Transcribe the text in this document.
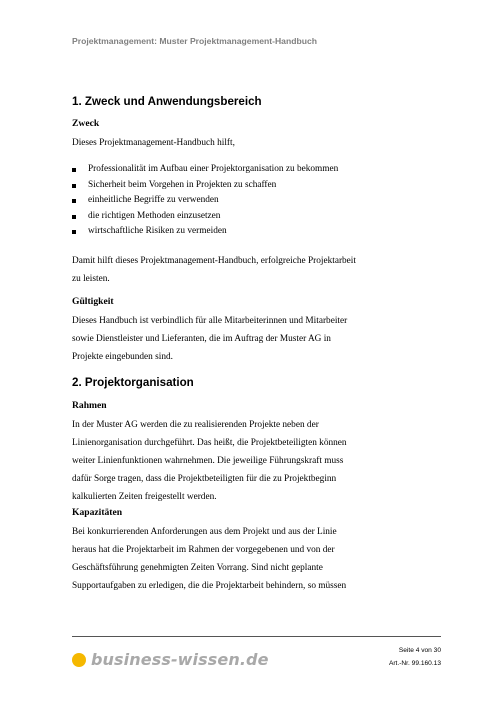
Projektmanagement: Muster Projektmanagement-Handbuch
1. Zweck und Anwendungsbereich
Zweck
Dieses Projektmanagement-Handbuch hilft,
Professionalität im Aufbau einer Projektorganisation zu bekommen
Sicherheit beim Vorgehen in Projekten zu schaffen
einheitliche Begriffe zu verwenden
die richtigen Methoden einzusetzen
wirtschaftliche Risiken zu vermeiden
Damit hilft dieses Projektmanagement-Handbuch, erfolgreiche Projektarbeit
zu leisten.
Gültigkeit
Dieses Handbuch ist verbindlich für alle Mitarbeiterinnen und Mitarbeiter
sowie Dienstleister und Lieferanten, die im Auftrag der Muster AG in
Projekte eingebunden sind.
2. Projektorganisation
Rahmen
In der Muster AG werden die zu realisierenden Projekte neben der
Linienorganisation durchgeführt. Das heißt, die Projektbeteiligten können
weiter Linienfunktionen wahrnehmen. Die jeweilige Führungskraft muss
dafür Sorge tragen, dass die Projektbeteiligten für die zu Projektbeginn
kalkulierten Zeiten freigestellt werden.
Kapazitäten
Bei konkurrierenden Anforderungen aus dem Projekt und aus der Linie
heraus hat die Projektarbeit im Rahmen der vorgegebenen und von der
Geschäftsführung genehmigten Zeiten Vorrang. Sind nicht geplante
Supportaufgaben zu erledigen, die die Projektarbeit behindern, so müssen
business-wissen.de	Seite 4 von 30
Art.-Nr. 99.160.13
